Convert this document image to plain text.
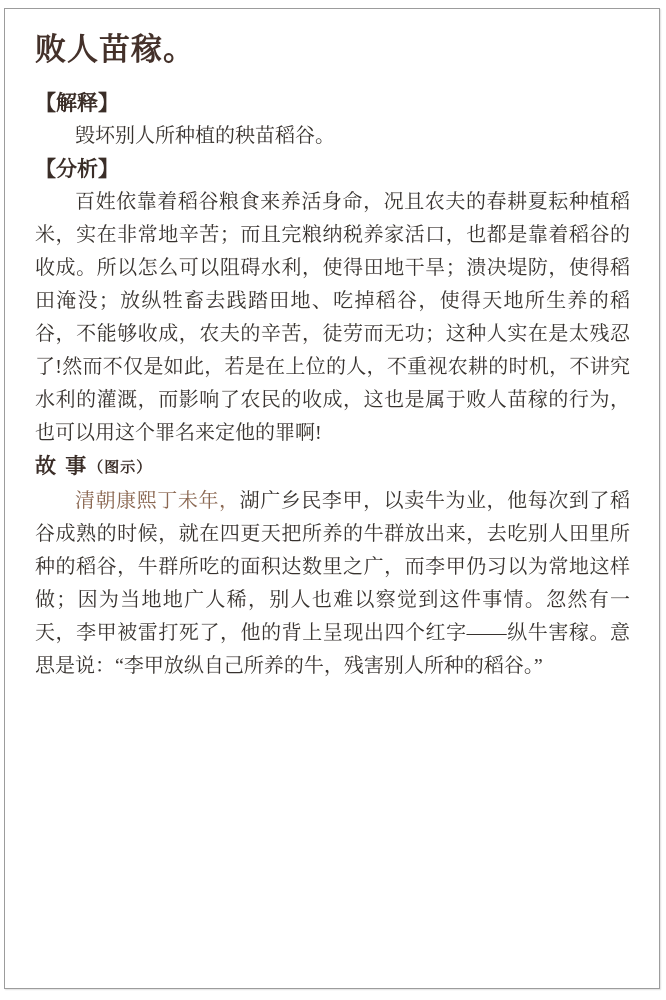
败人苗稼。
【解释】

毁坏别人所种植的秧苗稻谷。

【分析】

百姓依靠着稻谷粮食来养活身命，况且农夫的春耕夏耘种植稻米，实在非常地辛苦；而且完粮纳税养家活口，也都是靠着稻谷的收成。所以怎么可以阻碍水利，使得田地干旱；溃决堤防，使得稻田淹没；放纵牲畜去践踏田地、吃掉稻谷，使得天地所生养的稻谷，不能够收成，农夫的辛苦，徒劳而无功；这种人实在是太残忍了!然而不仅是如此，若是在上位的人，不重视农耕的时机，不讲究水利的灌溉，而影响了农民的收成，这也是属于败人苗稼的行为，也可以用这个罪名来定他的罪啊!

故 事（图示）

清朝康熙丁未年，湖广乡民李甲，以卖牛为业，他每次到了稻谷成熟的时候，就在四更天把所养的牛群放出来，去吃别人田里所种的稻谷，牛群所吃的面积达数里之广，而李甲仍习以为常地这样做；因为当地地广人稀，别人也难以察觉到这件事情。忽然有一天，李甲被雷打死了，他的背上呈现出四个红字——纵牛害稼。意思是说：“李甲放纵自己所养的牛，残害别人所种的稻谷。”
